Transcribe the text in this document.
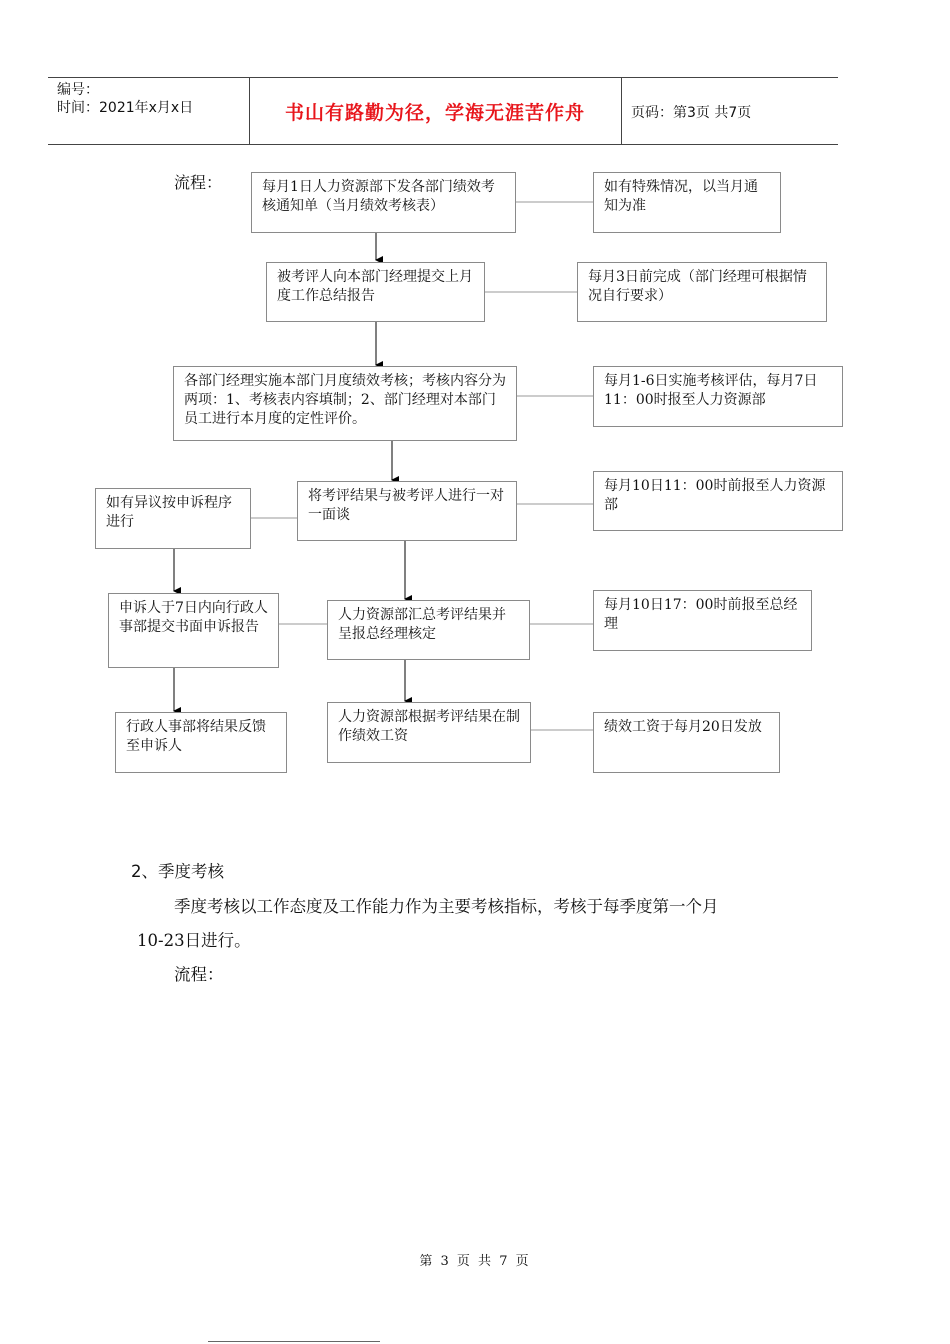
编号：
时间：2021年x月x日	书山有路勤为径，学海无涯苦作舟	页码：第3页 共7页
流程：	每月1日人力资源部下发各部门绩效考核通知单（当月绩效考核表）
如有特殊情况，以当月通知为准
被考评人向本部门经理提交上月度工作总结报告
每月3日前完成（部门经理可根据情况自行要求）
各部门经理实施本部门月度绩效考核；考核内容分为两项：1、考核表内容填制；2、部门经理对本部门员工进行本月度的定性评价。
每月1-6日实施考核评估，每月7日11：00时报至人力资源部
将考评结果与被考评人进行一对一面谈
每月10日11：00时前报至人力资源部
如有异议按申诉程序进行
申诉人于7日内向行政人事部提交书面申诉报告
行政人事部将结果反馈至申诉人
人力资源部汇总考评结果并呈报总经理核定
每月10日17：00时前报至总经理
人力资源部根据考评结果在制作绩效工资
绩效工资于每月20日发放
2、季度考核
季度考核以工作态度及工作能力作为主要考核指标，考核于每季度第一个月
10-23日进行。
流程：
第 3 页 共 7 页
